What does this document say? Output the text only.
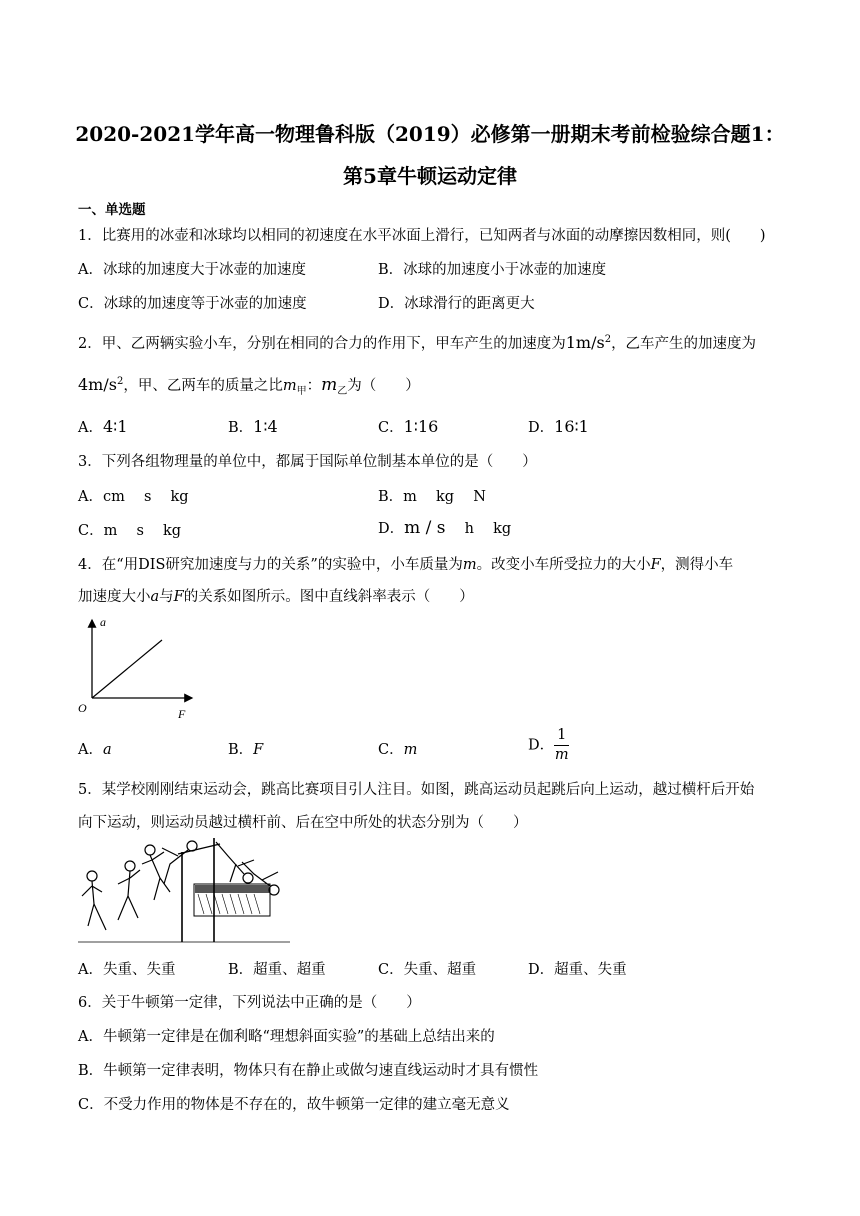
2020-2021学年高一物理鲁科版（2019）必修第一册期末考前检验综合题1：
第5章牛顿运动定律
一、单选题
1．比赛用的冰壶和冰球均以相同的初速度在水平冰面上滑行，已知两者与冰面的动摩擦因数相同，则(　　)
A．冰球的加速度大于冰壶的加速度	B．冰球的加速度小于冰壶的加速度
C．冰球的加速度等于冰壶的加速度	D．冰球滑行的距离更大
2．甲、乙两辆实验小车，分别在相同的合力的作用下，甲车产生的加速度为$1m/s^2$，乙车产生的加速度为
$4m/s^2$，甲、乙两车的质量之比$m_甲$：$m_乙$为（　　）
A．4∶1	B．1∶4	C．1∶16	D．16∶1
3．下列各组物理量的单位中，都属于国际单位制基本单位的是（　　）
A．cm　 s　 kg	B．m　 kg　 N
C．m　 s　 kg	D．m / s　 h　 kg
4．在“用DIS研究加速度与力的关系”的实验中，小车质量为m。改变小车所受拉力的大小F，测得小车
加速度大小a与F的关系如图所示。图中直线斜率表示（　　）
a
O	F
A．a	B．F	C．m	D． $\frac{1}{m}$
5．某学校刚刚结束运动会，跳高比赛项目引人注目。如图，跳高运动员起跳后向上运动，越过横杆后开始
向下运动，则运动员越过横杆前、后在空中所处的状态分别为（　　）
A．失重、失重	B．超重、超重	C．失重、超重	D．超重、失重
6．关于牛顿第一定律，下列说法中正确的是（　　）
A．牛顿第一定律是在伽利略“理想斜面实验”的基础上总结出来的
B．牛顿第一定律表明，物体只有在静止或做匀速直线运动时才具有惯性
C．不受力作用的物体是不存在的，故牛顿第一定律的建立毫无意义
